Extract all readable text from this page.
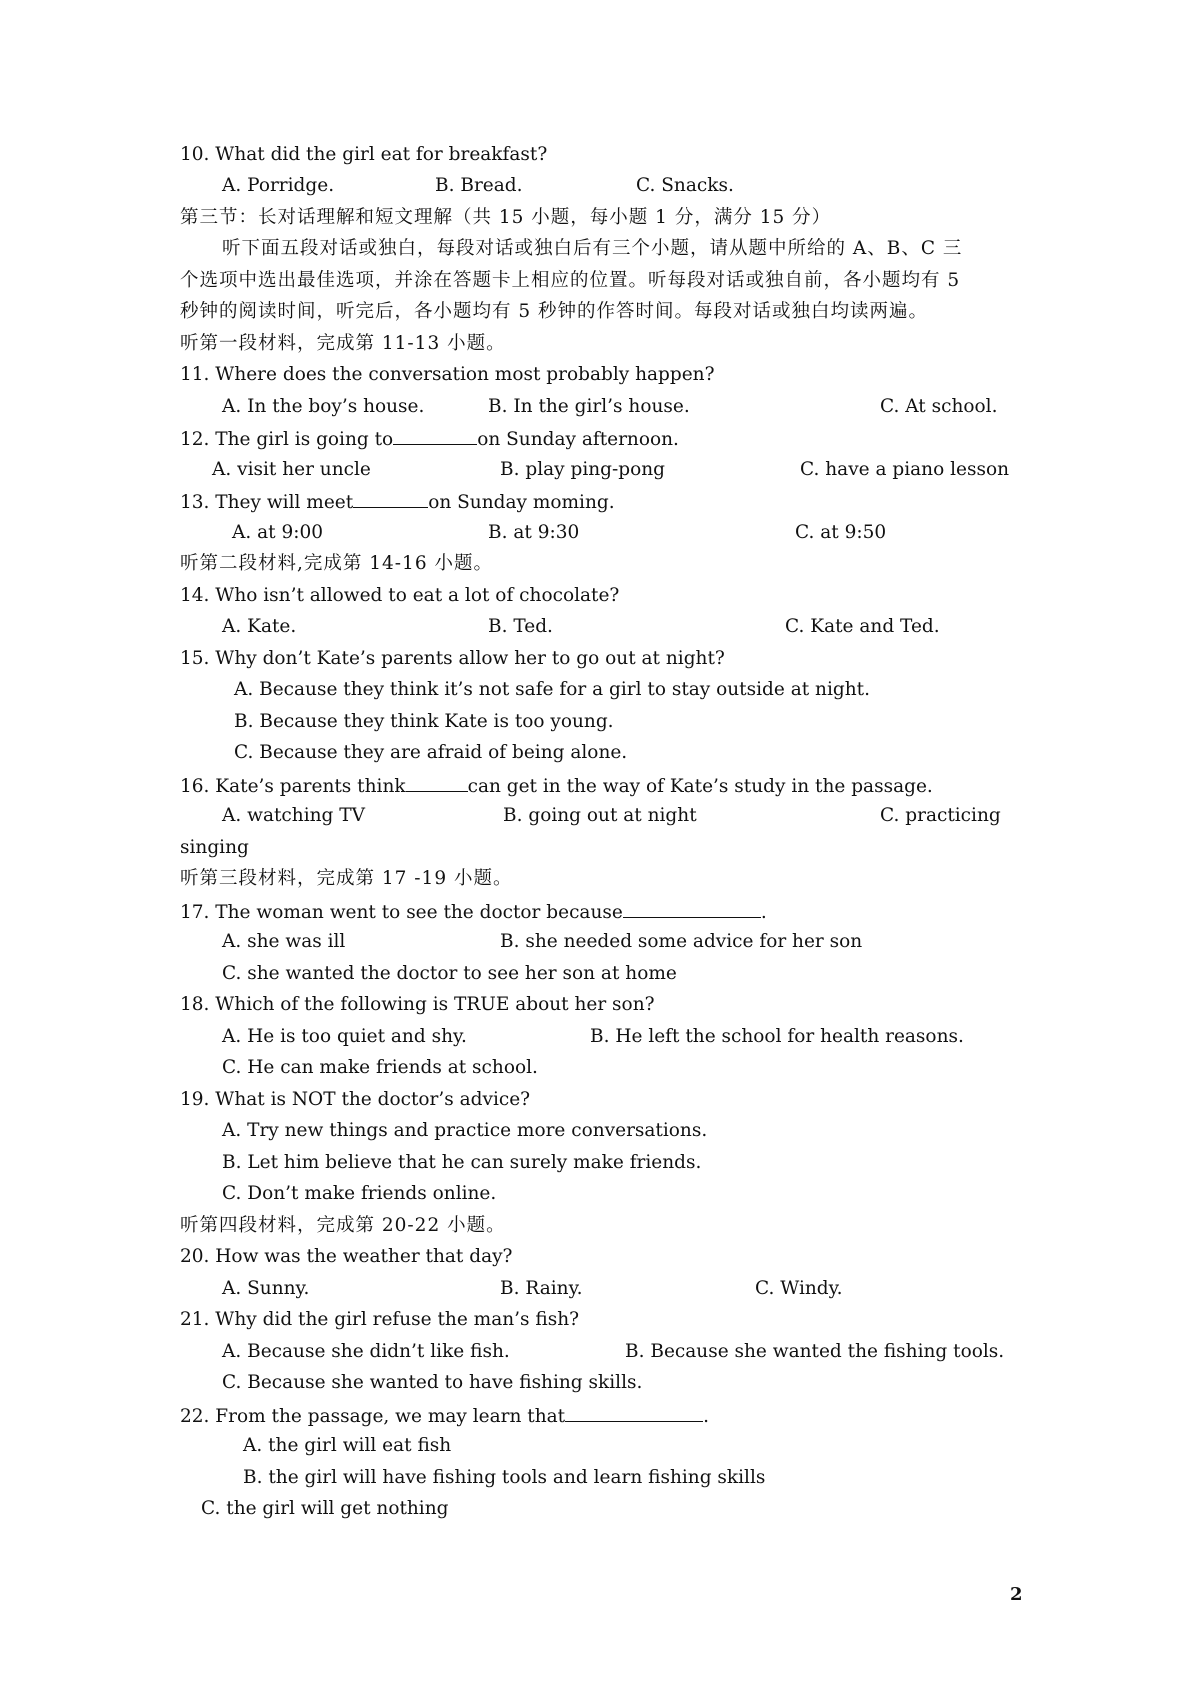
10. What did the girl eat for breakfast?
A. Porridge.	B. Bread.	C. Snacks.
第三节：长对话理解和短文理解（共 15 小题，每小题 1 分，满分 15 分）
听下面五段对话或独白，每段对话或独白后有三个小题，请从题中所给的 A、B、C 三
个选项中选出最佳选项，并涂在答题卡上相应的位置。听每段对话或独自前，各小题均有 5
秒钟的阅读时间，听完后，各小题均有 5 秒钟的作答时间。每段对话或独白均读两遍。
听第一段材料，完成第 11-13 小题。
11. Where does the conversation most probably happen?
A. In the boy’s house.	B. In the girl’s house.	C. At school.
12. The girl is going to	on Sunday afternoon.
A. visit her uncle	B. play ping-pong	C. have a piano lesson
13. They will meet	on Sunday moming.
A. at 9:00	B. at 9:30	C. at 9:50
听第二段材料,完成第 14-16 小题。
14. Who isn’t allowed to eat a lot of chocolate?
A. Kate.	B. Ted.	C. Kate and Ted.
15. Why don’t Kate’s parents allow her to go out at night?
A. Because they think it’s not safe for a girl to stay outside at night.
B. Because they think Kate is too young.
C. Because they are afraid of being alone.
16. Kate’s parents think	can get in the way of Kate’s study in the passage.
A. watching TV	B. going out at night	C. practicing
singing
听第三段材料，完成第 17 -19 小题。
17. The woman went to see the doctor because	.
A. she was ill	B. she needed some advice for her son
C. she wanted the doctor to see her son at home
18. Which of the following is TRUE about her son?
A. He is too quiet and shy.	B. He left the school for health reasons.
C. He can make friends at school.
19. What is NOT the doctor’s advice?
A. Try new things and practice more conversations.
B. Let him believe that he can surely make friends.
C. Don’t make friends online.
听第四段材料，完成第 20-22 小题。
20. How was the weather that day?
A. Sunny.	B. Rainy.	C. Windy.
21. Why did the girl refuse the man’s fish?
A. Because she didn’t like fish.	B. Because she wanted the fishing tools.
C. Because she wanted to have fishing skills.
22. From the passage, we may learn that	.
A. the girl will eat fish
B. the girl will have fishing tools and learn fishing skills
C. the girl will get nothing
2
